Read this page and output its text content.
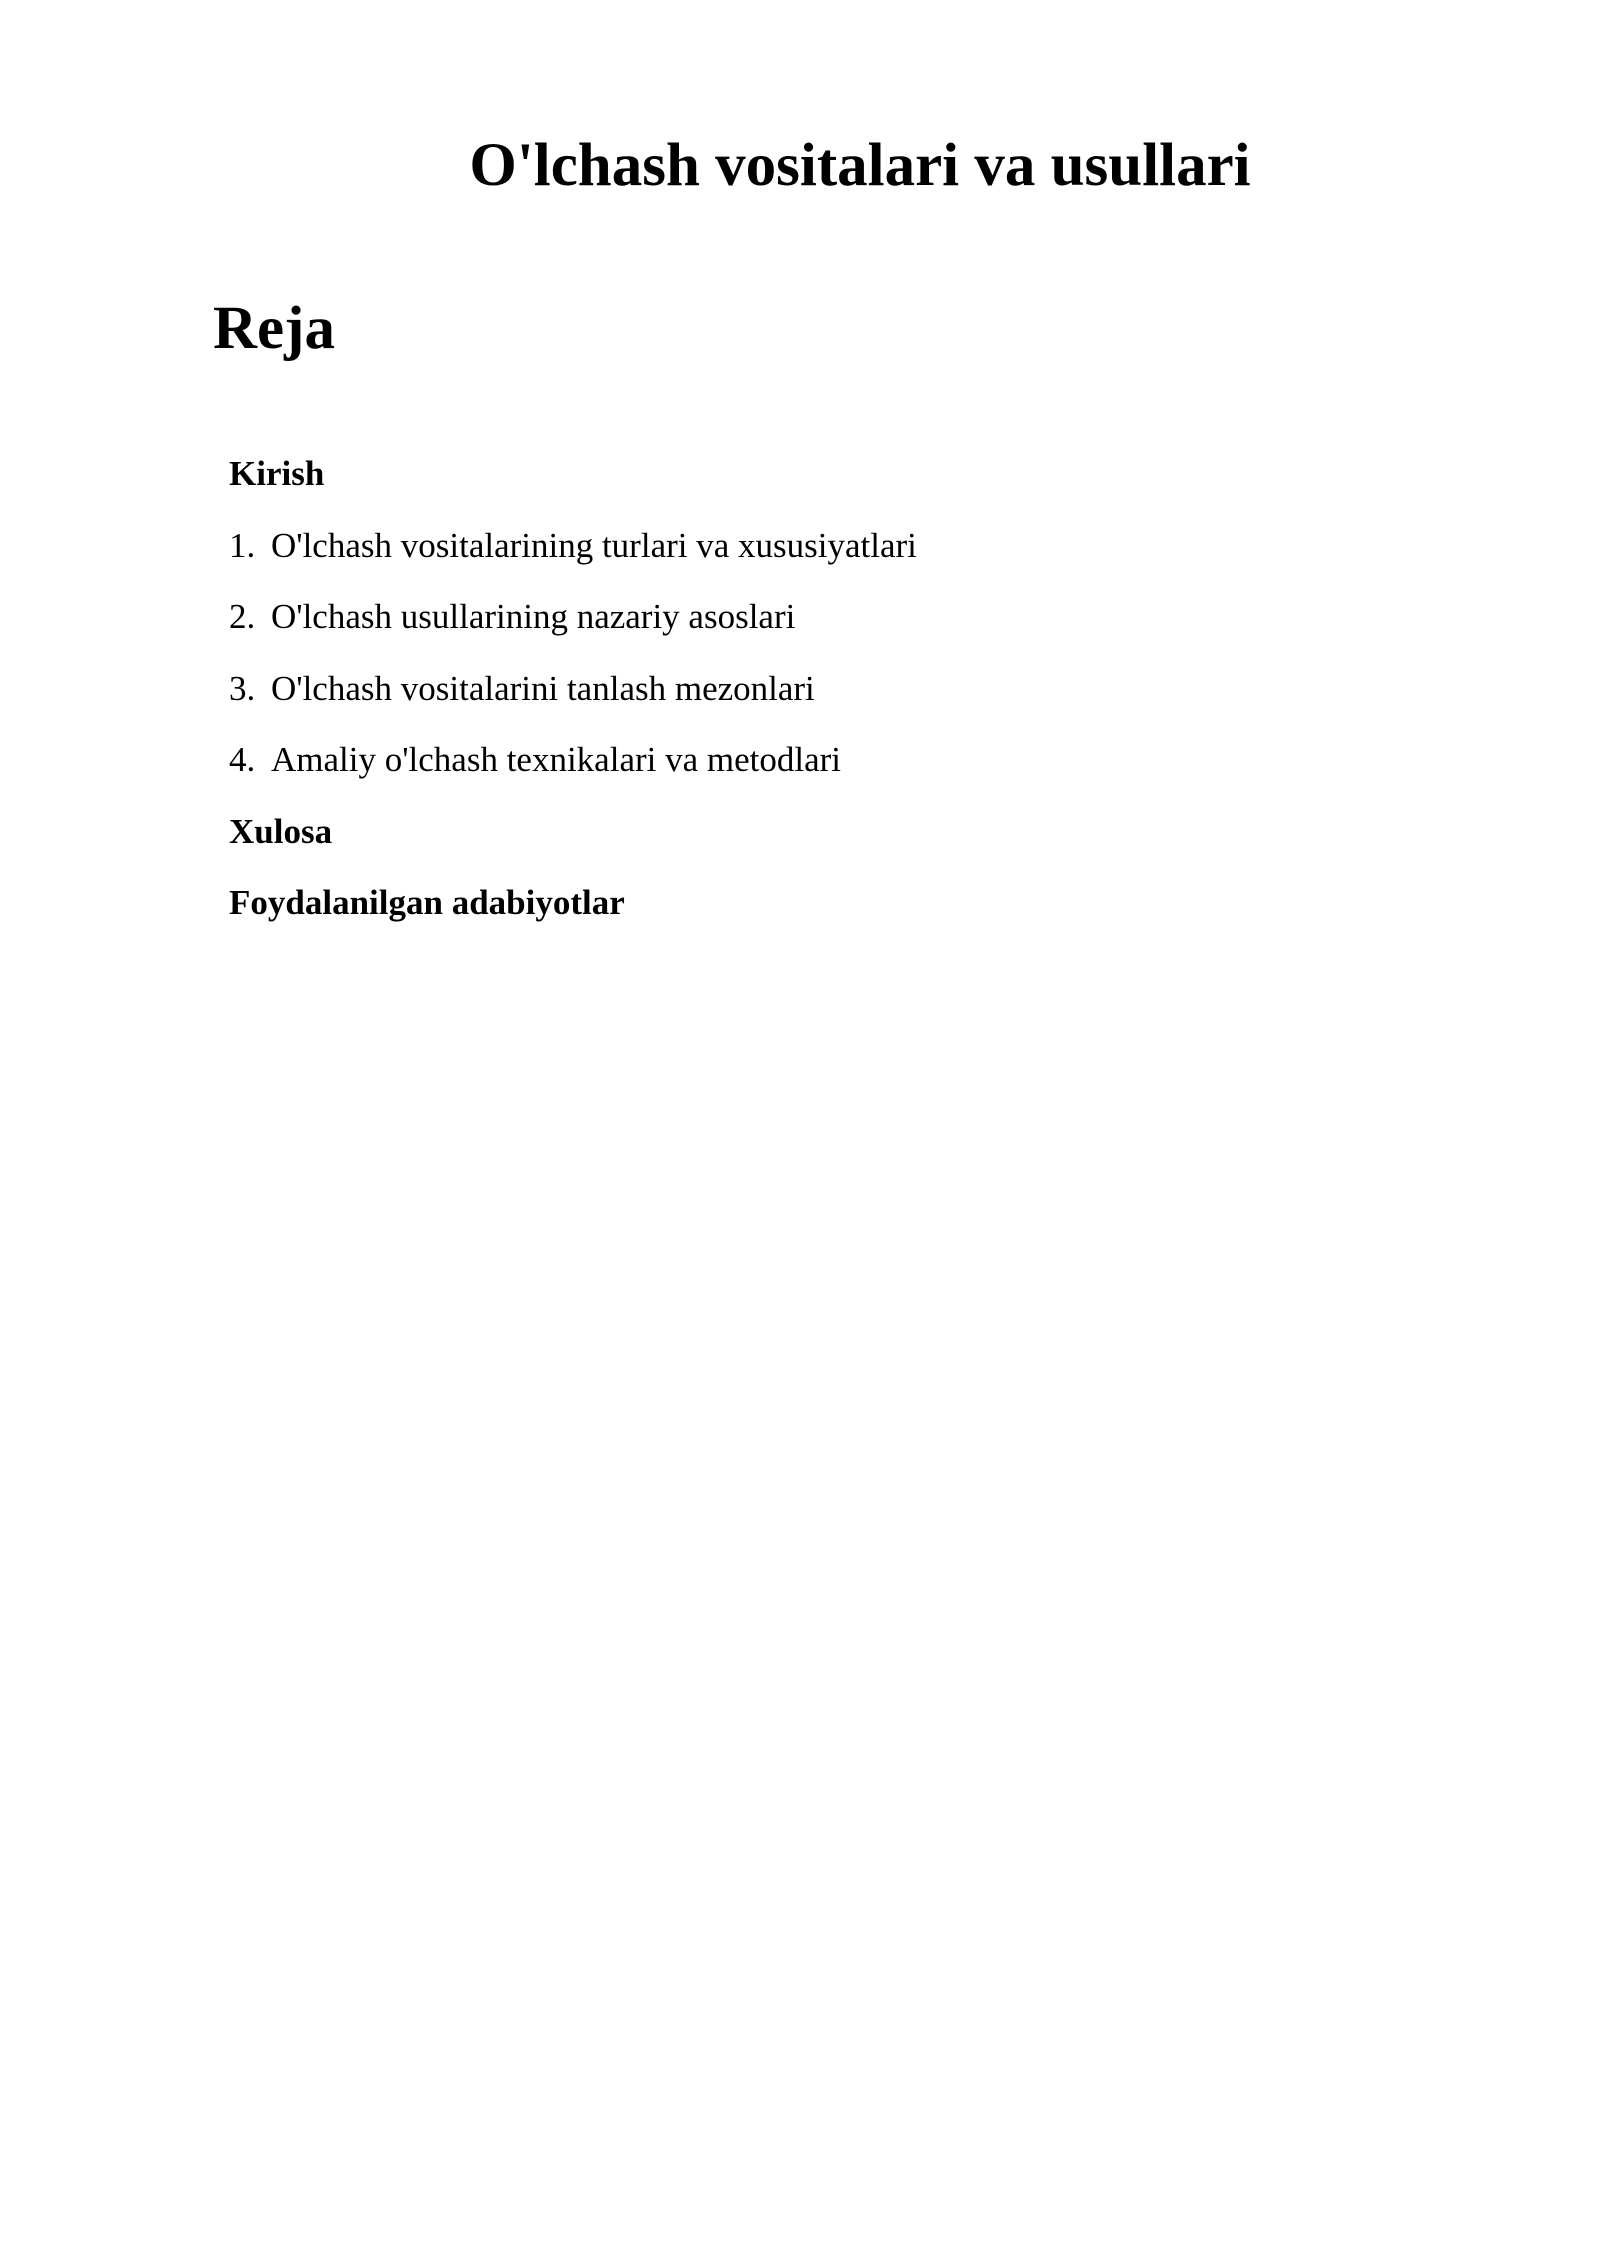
O'lchash vositalari va usullari
Reja
Kirish
1. O'lchash vositalarining turlari va xususiyatlari
2. O'lchash usullarining nazariy asoslari
3. O'lchash vositalarini tanlash mezonlari
4. Amaliy o'lchash texnikalari va metodlari
Xulosa
Foydalanilgan adabiyotlar
